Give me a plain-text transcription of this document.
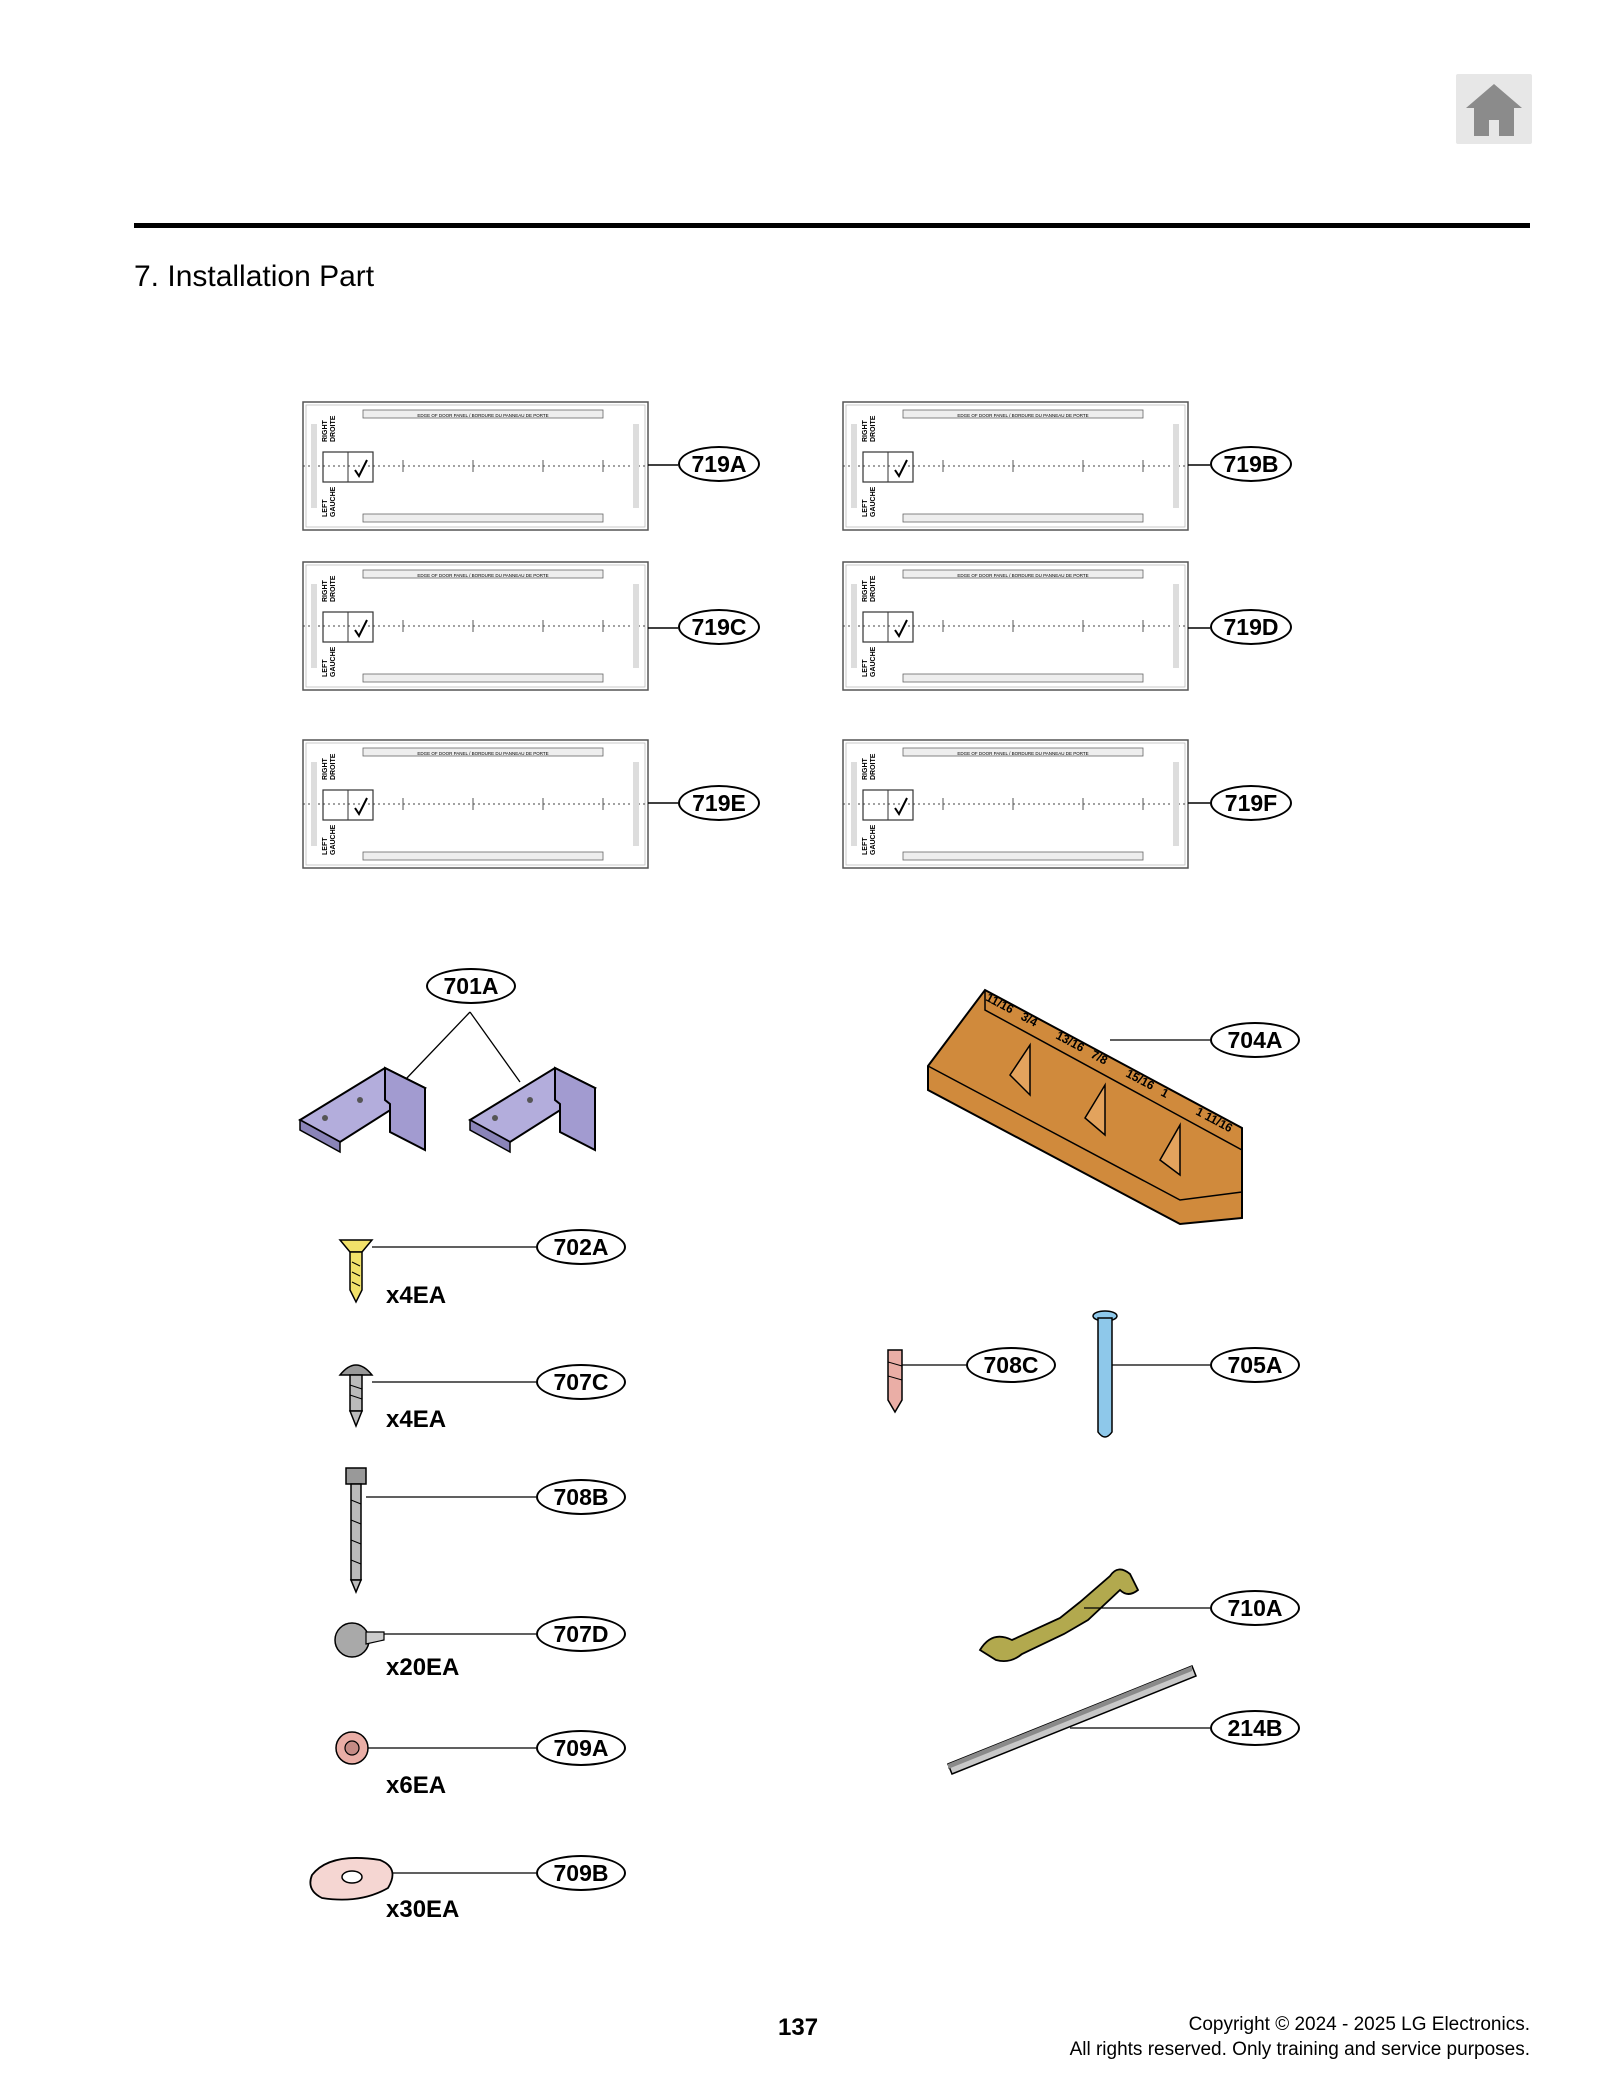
7. Installation Part
RIGHT DROITE
LEFT GAUCHE
EDGE OF DOOR PANEL / BORDURE DU PANNEAU DE PORTE
RIGHT DROITE
LEFT GAUCHE
EDGE OF DOOR PANEL / BORDURE DU PANNEAU DE PORTE
RIGHT DROITE
LEFT GAUCHE
EDGE OF DOOR PANEL / BORDURE DU PANNEAU DE PORTE
RIGHT DROITE
LEFT GAUCHE
EDGE OF DOOR PANEL / BORDURE DU PANNEAU DE PORTE
RIGHT DROITE
LEFT GAUCHE
EDGE OF DOOR PANEL / BORDURE DU PANNEAU DE PORTE
RIGHT DROITE
LEFT GAUCHE
EDGE OF DOOR PANEL / BORDURE DU PANNEAU DE PORTE
11/16
3/4
13/16
7/8
15/16
1
1 11/16
719A	719B
719C	719D
719E	719F
701A
704A
702A
707C
708B
707D
709A
709B
708C	705A
710A
214B
x4EA
x4EA
x20EA
x6EA
x30EA
137	Copyright © 2024 - 2025 LG Electronics.
All rights reserved. Only training and service purposes.
